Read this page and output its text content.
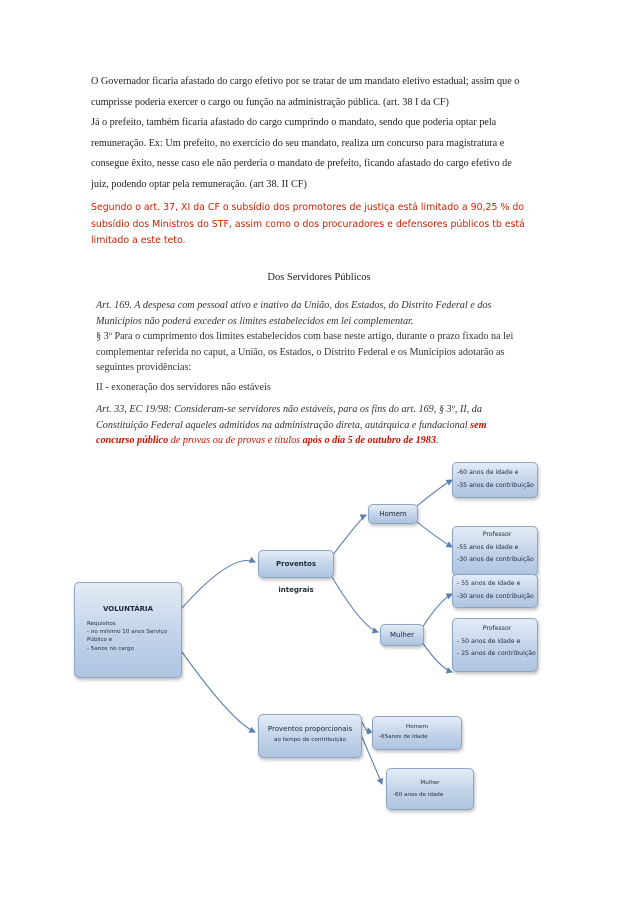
O Governador ficaria afastado do cargo efetivo por se tratar de um mandato eletivo estadual; assim que o
cumprisse poderia exercer o cargo ou função na administração pública. (art. 38 I da CF)
Já o prefeito, também ficaria afastado do cargo cumprindo o mandato, sendo que poderia optar pela
remuneração. Ex: Um prefeito, no exercício do seu mandato, realiza um concurso para magistratura e
consegue êxito, nesse caso ele não perderia o mandato de prefeito, ficando afastado do cargo efetivo de
juiz, podendo optar pela remuneração. (art 38. II CF)
Segundo o art. 37, XI da CF o subsídio dos promotores de justiça está limitado a 90,25 % do
subsídio dos Ministros do STF, assim como o dos procuradores e defensores públicos tb está
limitado a este teto.
Dos Servidores Públicos
Art. 169. A despesa com pessoal ativo e inativo da União, dos Estados, do Distrito Federal e dos
Municípios não poderá exceder os limites estabelecidos em lei complementar.
§ 3º Para o cumprimento dos limites estabelecidos com base neste artigo, durante o prazo fixado na lei
complementar referida no caput, a União, os Estados, o Distrito Federal e os Municípios adotarão as
seguintes providências:
II - exoneração dos servidores não estáveis
Art. 33, EC 19/98: Consideram-se servidores não estáveis, para os fins do art. 169, § 3º, II, da
Constituição Federal aqueles admitidos na administração direta, autárquica e fundacional sem
concurso público de provas ou de provas e títulos após o dia 5 de outubro de 1983.
VOLUNTÁRIA
Requisitos
- no mínimo 10 anos Serviço Público e
- 5anos no cargo
Proventos integrais
Homem
-60 anos de idade e
-35 anos de contribuição
Professor
-55 anos de idade e
-30 anos de contribuição
Mulher
- 55 anos de idade e
-30 anos de contribuição
Professor
- 50 anos de idade e
- 25 anos de contribuição
Proventos proporcionais
ao tempo de contribuição
Homem
-65anos de idade
Mulher
-60 anos de idade
